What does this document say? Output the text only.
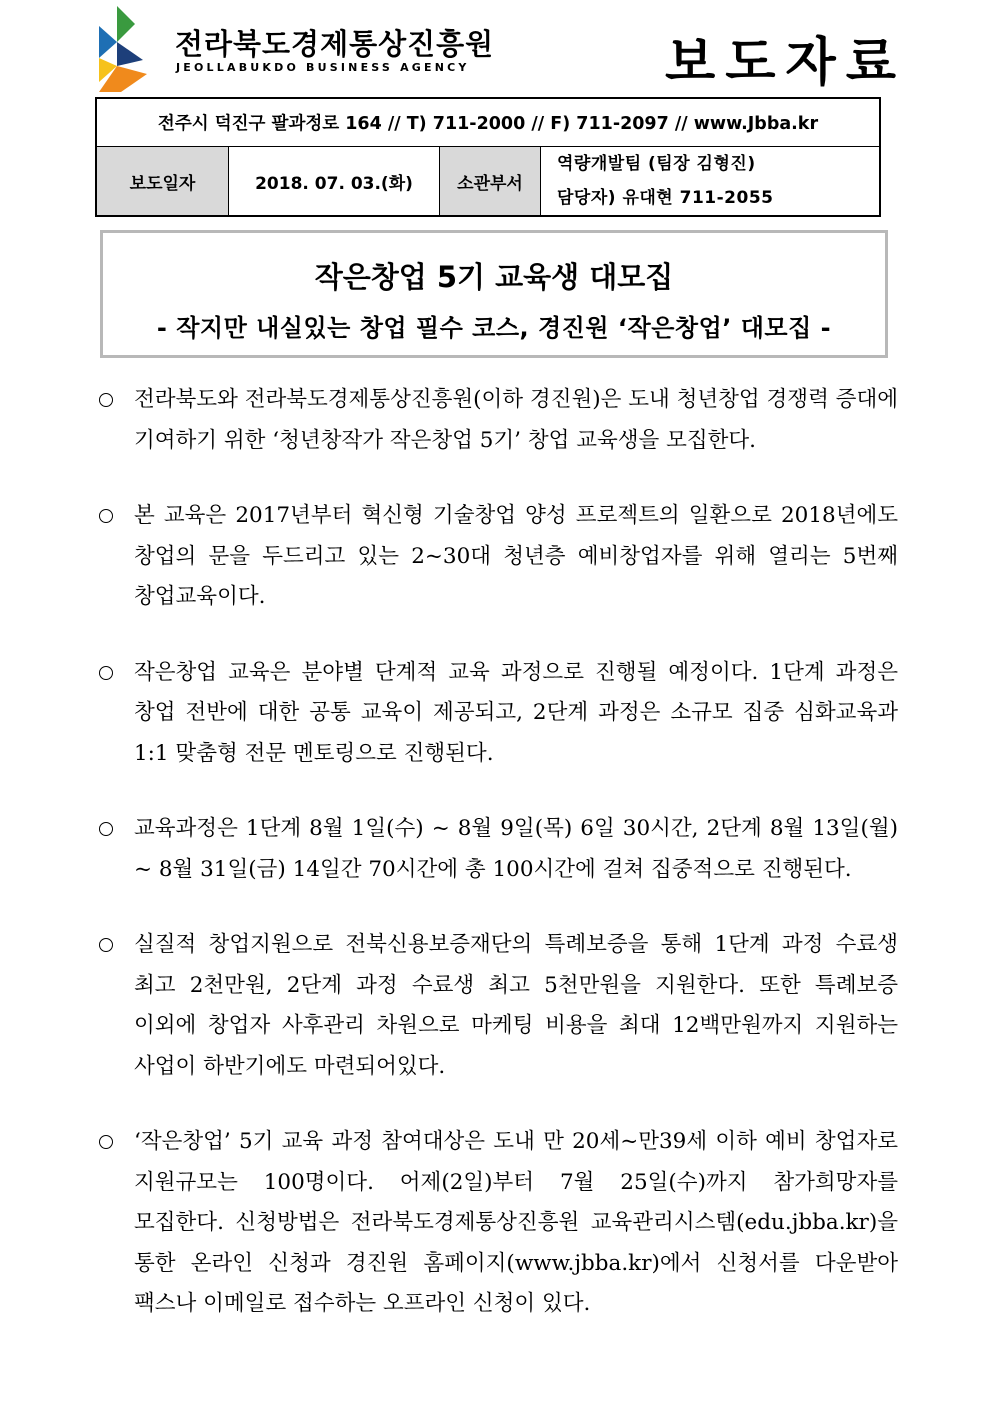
전라북도경제통상진흥원
JEOLLABUKDO BUSINESS AGENCY	보도자료
전주시 덕진구 팔과정로 164 // T) 711-2000 // F) 711-2097 // www.Jbba.kr
보도일자	2018. 07. 03.(화)	소관부서	
역량개발팀 (팀장 김형진)
담당자) 유대현 711-2055
작은창업 5기 교육생 대모집
- 작지만 내실있는 창업 필수 코스, 경진원 ‘작은창업’ 대모집 -
전라북도와 전라북도경제통상진흥원(이하 경진원)은 도내 청년창업 경쟁력 증대에 기여하기 위한 ‘청년창작가 작은창업 5기’ 창업 교육생을 모집한다.
본 교육은 2017년부터 혁신형 기술창업 양성 프로젝트의 일환으로 2018년에도 창업의 문을 두드리고 있는 2~30대 청년층 예비창업자를 위해 열리는 5번째 창업교육이다.
작은창업 교육은 분야별 단계적 교육 과정으로 진행될 예정이다. 1단계 과정은 창업 전반에 대한 공통 교육이 제공되고, 2단계 과정은 소규모 집중 심화교육과 1:1 맞춤형 전문 멘토링으로 진행된다.
교육과정은 1단계 8월 1일(수) ~ 8월 9일(목) 6일 30시간, 2단계 8월 13일(월) ~ 8월 31일(금) 14일간 70시간에 총 100시간에 걸쳐 집중적으로 진행된다.
실질적 창업지원으로 전북신용보증재단의 특례보증을 통해 1단계 과정 수료생 최고 2천만원, 2단계 과정 수료생 최고 5천만원을 지원한다. 또한 특례보증 이외에 창업자 사후관리 차원으로 마케팅 비용을 최대 12백만원까지 지원하는 사업이 하반기에도 마련되어있다.
‘작은창업’ 5기 교육 과정 참여대상은 도내 만 20세~만39세 이하 예비 창업자로 지원규모는 100명이다. 어제(2일)부터 7월 25일(수)까지 참가희망자를 모집한다. 신청방법은 전라북도경제통상진흥원 교육관리시스템(edu.jbba.kr)을 통한 온라인 신청과 경진원 홈페이지(www.jbba.kr)에서 신청서를 다운받아 팩스나 이메일로 접수하는 오프라인 신청이 있다.
